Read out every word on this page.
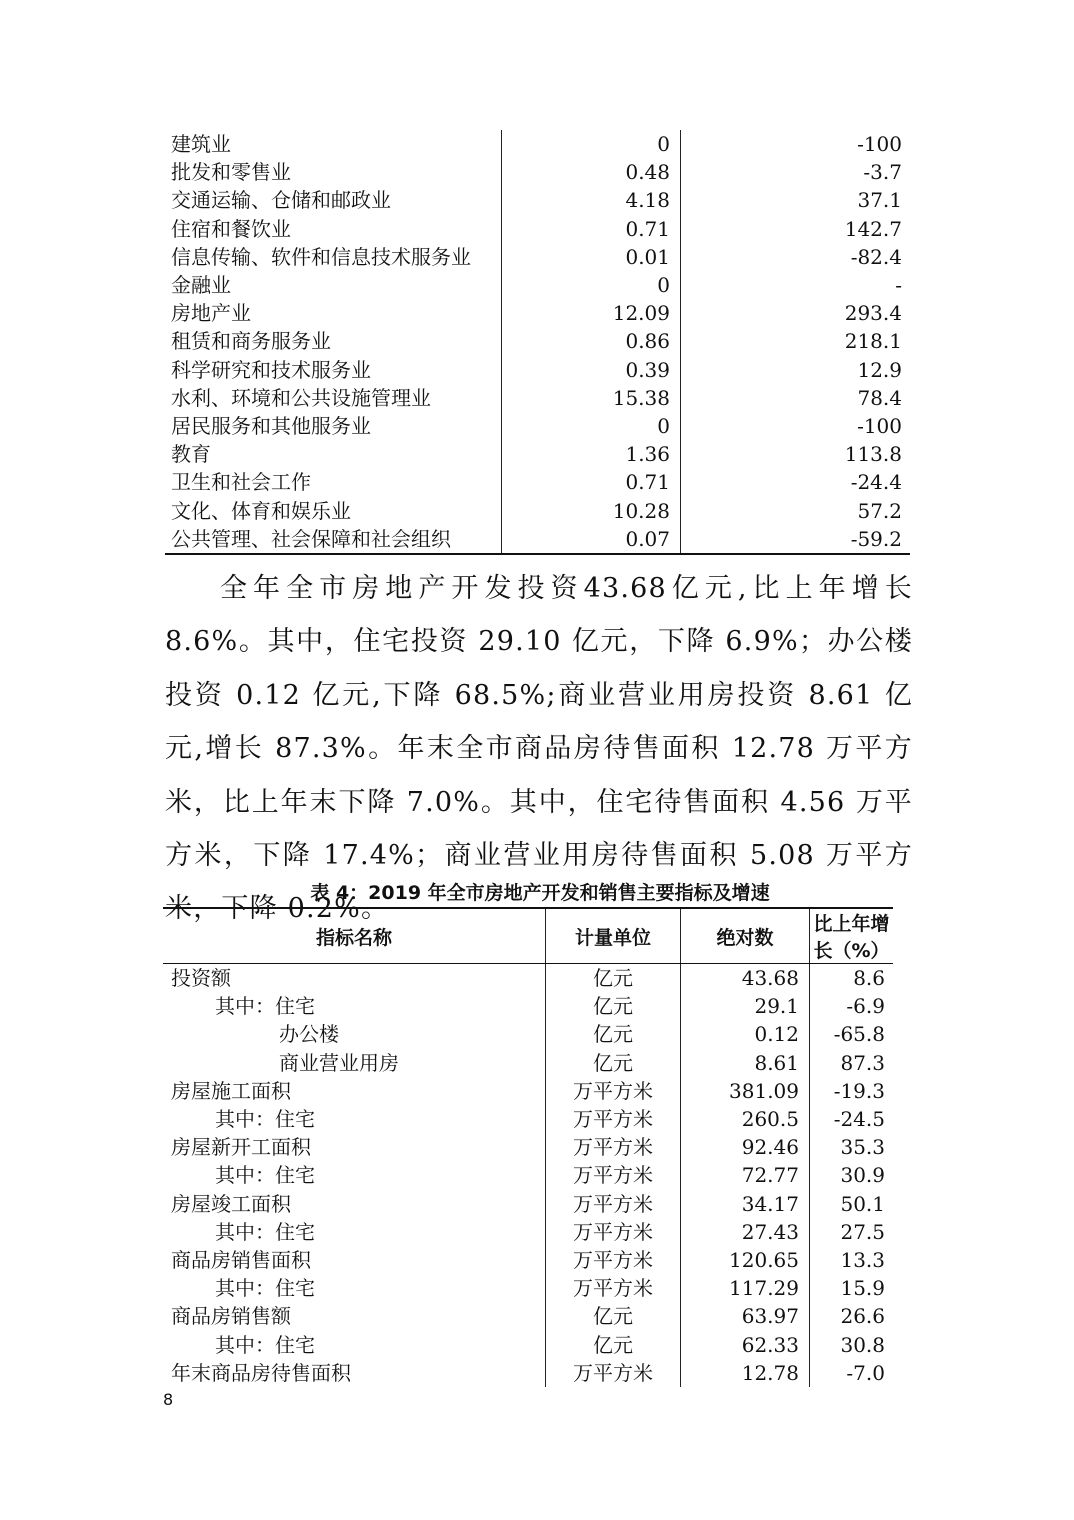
建筑业	0	-100
批发和零售业	0.48	-3.7
交通运输、仓储和邮政业	4.18	37.1
住宿和餐饮业	0.71	142.7
信息传输、软件和信息技术服务业	0.01	-82.4
金融业	0	-
房地产业	12.09	293.4
租赁和商务服务业	0.86	218.1
科学研究和技术服务业	0.39	12.9
水利、环境和公共设施管理业	15.38	78.4
居民服务和其他服务业	0	-100
教育	1.36	113.8
卫生和社会工作	0.71	-24.4
文化、体育和娱乐业	10.28	57.2
公共管理、社会保障和社会组织	0.07	-59.2

全年全市房地产开发投资43.68亿元,比上年增长8.6%。其中，住宅投资 29.10 亿元，下降 6.9%；办公楼投资 0.12 亿元,下降 68.5%;商业营业用房投资 8.61 亿元,增长 87.3%。年末全市商品房待售面积 12.78 万平方米，比上年末下降 7.0%。其中，住宅待售面积 4.56 万平方米，下降 17.4%；商业营业用房待售面积 5.08 万平方米，下降 0.2%。

表 4：2019 年全市房地产开发和销售主要指标及增速
指标名称	计量单位	绝对数	比上年增长（%）
投资额	亿元	43.68	8.6
其中：住宅	亿元	29.1	-6.9
办公楼	亿元	0.12	-65.8
商业营业用房	亿元	8.61	87.3
房屋施工面积	万平方米	381.09	-19.3
其中：住宅	万平方米	260.5	-24.5
房屋新开工面积	万平方米	92.46	35.3
其中：住宅	万平方米	72.77	30.9
房屋竣工面积	万平方米	34.17	50.1
其中：住宅	万平方米	27.43	27.5
商品房销售面积	万平方米	120.65	13.3
其中：住宅	万平方米	117.29	15.9
商品房销售额	亿元	63.97	26.6
其中：住宅	亿元	62.33	30.8
年末商品房待售面积	万平方米	12.78	-7.0
8
